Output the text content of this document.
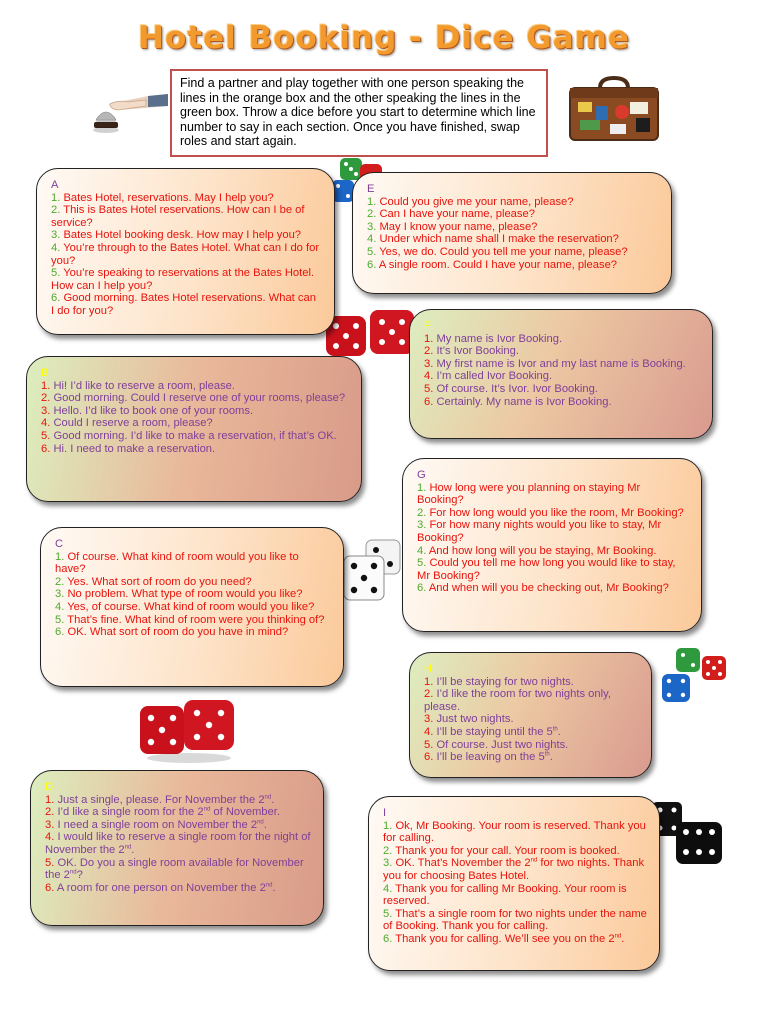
Hotel Booking - Dice Game
Find a partner and play together with one person speaking the lines in the orange box and the other speaking the lines in the green box. Throw a dice before you start to determine which line number to say in each section. Once you have finished, swap roles and start again.
A
1. Bates Hotel, reservations. May I help you?
2. This is Bates Hotel reservations. How can I be of service?
3. Bates Hotel booking desk. How may I help you?
4. You’re through to the Bates Hotel. What can I do for you?
5. You’re speaking to reservations at the Bates Hotel. How can I help you?
6. Good morning. Bates Hotel reservations. What can I do for you?
E
1. Could you give me your name, please?
2. Can I have your name, please?
3. May I know your name, please?
4. Under which name shall I make the reservation?
5. Yes, we do. Could you tell me your name, please?
6. A single room. Could I have your name, please?
F
1. My name is Ivor Booking.
2. It’s Ivor Booking.
3. My first name is Ivor and my last name is Booking.
4. I’m called Ivor Booking.
5. Of course. It’s Ivor. Ivor Booking.
6. Certainly. My name is Ivor Booking.
B
1. Hi! I’d like to reserve a room, please.
2. Good morning. Could I reserve one of your rooms, please?
3. Hello. I’d like to book one of your rooms.
4. Could I reserve a room, please?
5. Good morning. I’d like to make a reservation, if that’s OK.
6. Hi. I need to make a reservation.
G
1. How long were you planning on staying Mr Booking?
2. For how long would you like the room, Mr Booking?
3. For how many nights would you like to stay, Mr Booking?
4. And how long will you be staying, Mr Booking.
5. Could you tell me how long you would like to stay, Mr Booking?
6. And when will you be checking out, Mr Booking?
C
1. Of course. What kind of room would you like to have?
2. Yes. What sort of room do you need?
3. No problem. What type of room would you like?
4. Yes, of course. What kind of room would you like?
5. That’s fine. What kind of room were you thinking of?
6. OK. What sort of room do you have in mind?
H
1. I’ll be staying for two nights.
2. I’d like the room for two nights only, please.
3. Just two nights.
4. I’ll be staying until the 5th.
5. Of course. Just two nights.
6. I’ll be leaving on the 5th.
D
1. Just a single, please. For November the 2nd.
2. I’d like a single room for the 2nd of November.
3. I need a single room on November the 2nd.
4. I would like to reserve a single room for the night of November the 2nd.
5. OK. Do you a single room available for November the 2nd?
6. A room for one person on November the 2nd.
I
1. Ok, Mr Booking. Your room is reserved. Thank you for calling.
2. Thank you for your call. Your room is booked.
3. OK. That’s November the 2nd for two nights. Thank you for choosing Bates Hotel.
4. Thank you for calling Mr Booking. Your room is reserved.
5. That’s a single room for two nights under the name of Booking. Thank you for calling.
6. Thank you for calling. We’ll see you on the 2nd.
